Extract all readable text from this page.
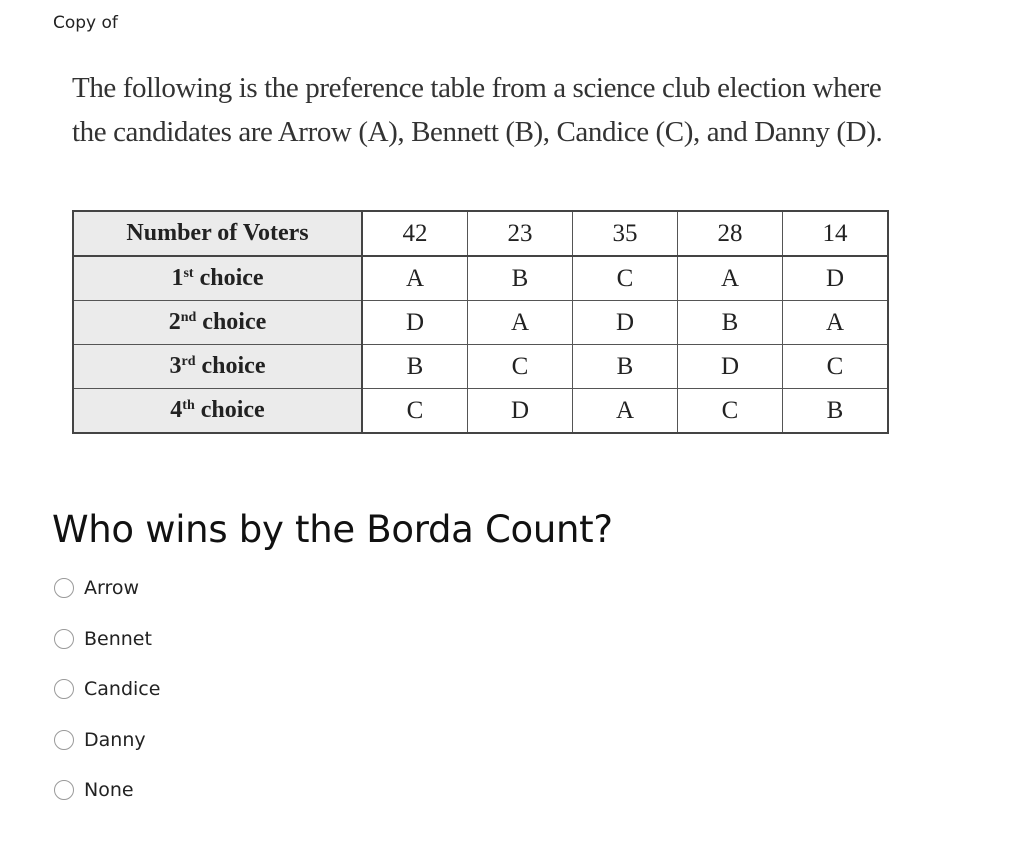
Copy of
The following is the preference table from a science club election where the candidates are Arrow (A), Bennett (B), Candice (C), and Danny (D).
Number of Voters	42	23	35	28	14
1st choice	A	B	C	A	D
2nd choice	D	A	D	B	A
3rd choice	B	C	B	D	C
4th choice	C	D	A	C	B
Who wins by the Borda Count?
Arrow
Bennet
Candice
Danny
None
